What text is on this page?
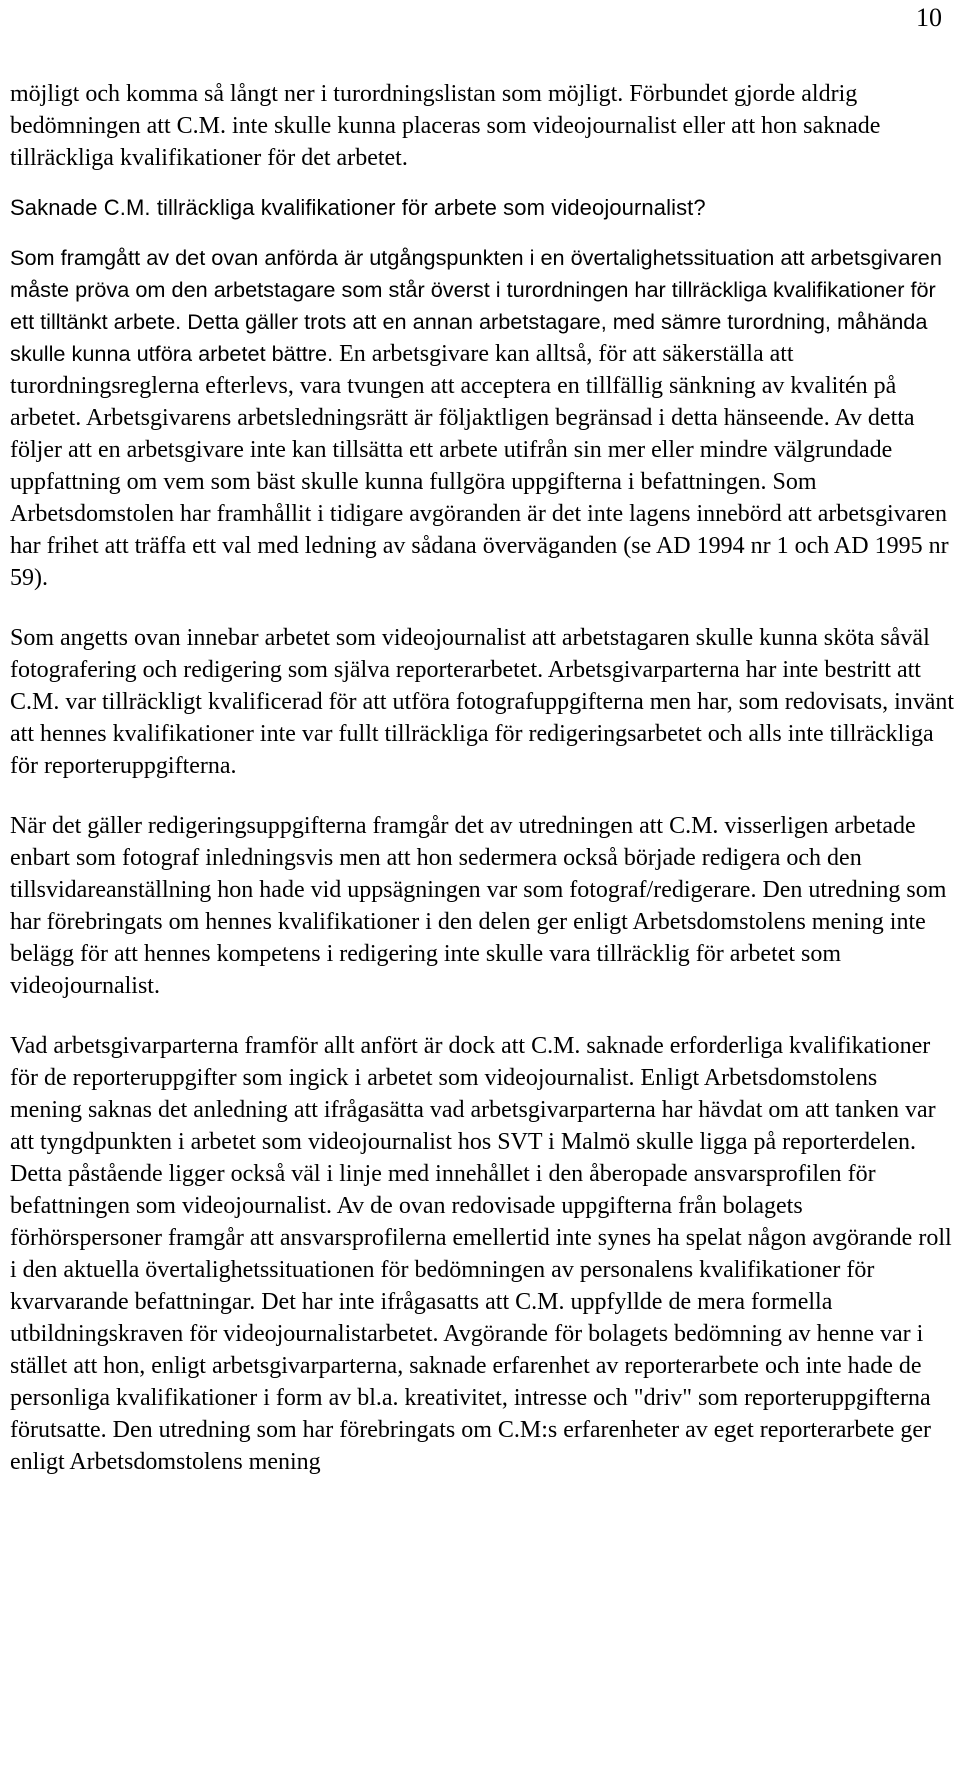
10

möjligt och komma så långt ner i turordningslistan som möjligt. Förbundet gjorde aldrig bedömningen att C.M. inte skulle kunna placeras som videojournalist eller att hon saknade tillräckliga kvalifikationer för det arbetet.

Saknade C.M. tillräckliga kvalifikationer för arbete som videojournalist?

Som framgått av det ovan anförda är utgångspunkten i en övertalighetssituation att arbetsgivaren måste pröva om den arbetstagare som står överst i turordningen har tillräckliga kvalifikationer för ett tilltänkt arbete. Detta gäller trots att en annan arbetstagare, med sämre turordning, måhända skulle kunna utföra arbetet bättre. En arbetsgivare kan alltså, för att säkerställa att turordningsreglerna efterlevs, vara tvungen att acceptera en tillfällig sänkning av kvalitén på arbetet. Arbetsgivarens arbetsledningsrätt är följaktligen begränsad i detta hänseende. Av detta följer att en arbetsgivare inte kan tillsätta ett arbete utifrån sin mer eller mindre välgrundade uppfattning om vem som bäst skulle kunna fullgöra uppgifterna i befattningen. Som Arbetsdomstolen har framhållit i tidigare avgöranden är det inte lagens innebörd att arbetsgivaren har frihet att träffa ett val med ledning av sådana överväganden (se AD 1994 nr 1 och AD 1995 nr 59).

Som angetts ovan innebar arbetet som videojournalist att arbetstagaren skulle kunna sköta såväl fotografering och redigering som själva reporterarbetet. Arbetsgivarparterna har inte bestritt att C.M. var tillräckligt kvalificerad för att utföra fotografuppgifterna men har, som redovisats, invänt att hennes kvalifikationer inte var fullt tillräckliga för redigeringsarbetet och alls inte tillräckliga för reporteruppgifterna.

När det gäller redigeringsuppgifterna framgår det av utredningen att C.M. visserligen arbetade enbart som fotograf inledningsvis men att hon sedermera också började redigera och den tillsvidareanställning hon hade vid uppsägningen var som fotograf/redigerare. Den utredning som har förebringats om hennes kvalifikationer i den delen ger enligt Arbetsdomstolens mening inte belägg för att hennes kompetens i redigering inte skulle vara tillräcklig för arbetet som videojournalist.

Vad arbetsgivarparterna framför allt anfört är dock att C.M. saknade erforderliga kvalifikationer för de reporteruppgifter som ingick i arbetet som videojournalist. Enligt Arbetsdomstolens mening saknas det anledning att ifrågasätta vad arbetsgivarparterna har hävdat om att tanken var att tyngdpunkten i arbetet som videojournalist hos SVT i Malmö skulle ligga på reporterdelen. Detta påstående ligger också väl i linje med innehållet i den åberopade ansvarsprofilen för befattningen som videojournalist. Av de ovan redovisade uppgifterna från bolagets förhörspersoner framgår att ansvarsprofilerna emellertid inte synes ha spelat någon avgörande roll i den aktuella övertalighetssituationen för bedömningen av personalens kvalifikationer för kvarvarande befattningar. Det har inte ifrågasatts att C.M. uppfyllde de mera formella utbildningskraven för videojournalistarbetet. Avgörande för bolagets bedömning av henne var i stället att hon, enligt arbetsgivarparterna, saknade erfarenhet av reporterarbete och inte hade de personliga kvalifikationer i form av bl.a. kreativitet, intresse och "driv" som reporteruppgifterna förutsatte. Den utredning som har förebringats om C.M:s erfarenheter av eget reporterarbete ger enligt Arbetsdomstolens mening
